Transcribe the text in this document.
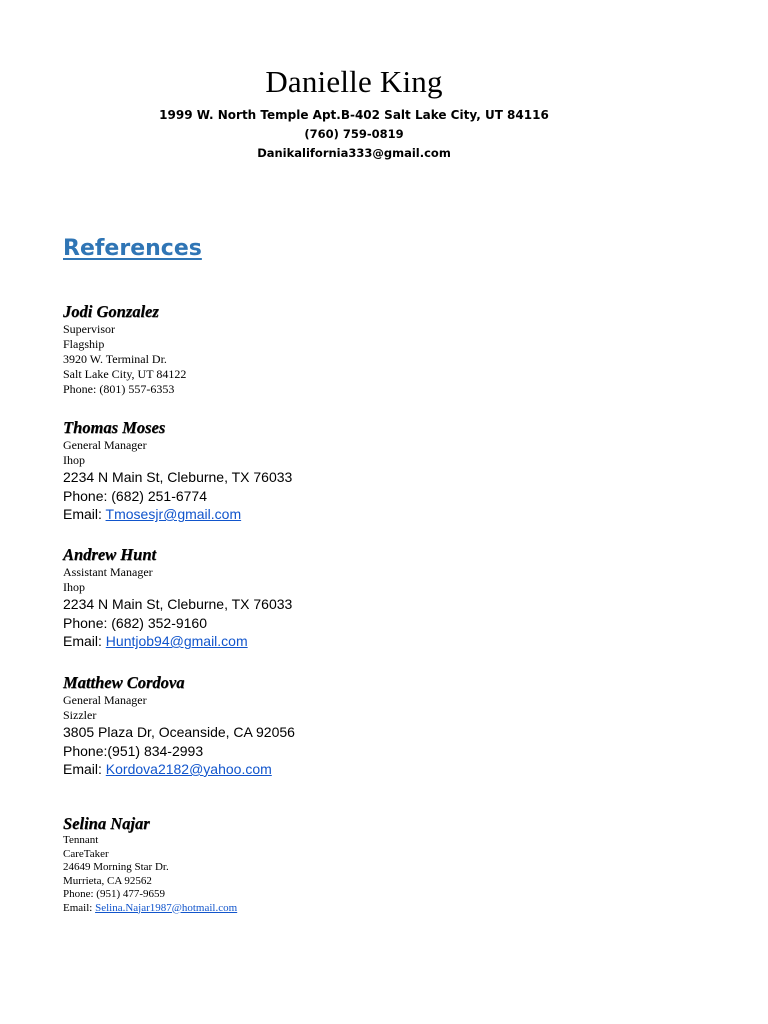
Danielle King
1999 W. North Temple Apt.B-402 Salt Lake City, UT 84116
(760) 759-0819
Danikalifornia333@gmail.com
References
Jodi Gonzalez
Supervisor
Flagship
3920 W. Terminal Dr.
Salt Lake City, UT 84122
Phone: (801) 557-6353
Thomas Moses
General Manager
Ihop
2234 N Main St, Cleburne, TX 76033
Phone: (682) 251-6774
Email: Tmosesjr@gmail.com
Andrew Hunt
Assistant Manager
Ihop
2234 N Main St, Cleburne, TX 76033
Phone: (682) 352-9160
Email: Huntjob94@gmail.com
Matthew Cordova
General Manager
Sizzler
3805 Plaza Dr, Oceanside, CA 92056
Phone:(951) 834-2993
Email: Kordova2182@yahoo.com
Selina Najar
Tennant
CareTaker
24649 Morning Star Dr.
Murrieta, CA 92562
Phone: (951) 477-9659
Email: Selina.Najar1987@hotmail.com
